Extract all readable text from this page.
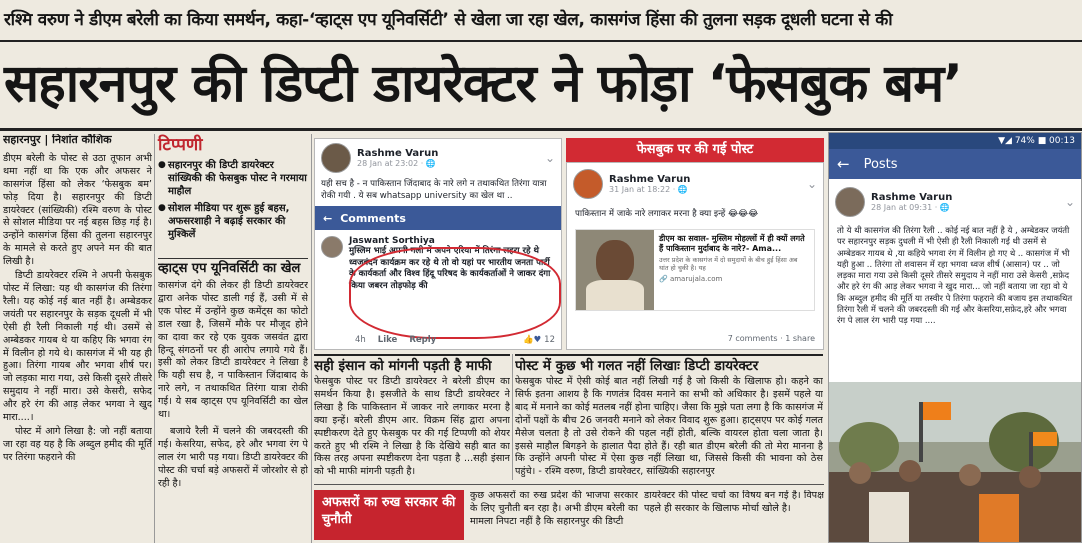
रश्मि वरुण ने डीएम बरेली का किया समर्थन, कहा-‘व्हाट्स एप यूनिवर्सिटी’ से खेला जा रहा खेल, कासगंज हिंसा की तुलना सड़क दूधली घटना से की
सहारनपुर की डिप्टी डायरेक्टर ने फोड़ा ‘फेसबुक बम’
सहारनपुर | निशांत कौशिक

डीएम बरेली के पोस्ट से उठा तूफान अभी थमा नहीं था कि एक और अफसर ने कासगंज हिंसा को लेकर ‘फेसबुक बम’ फोड़ दिया है। सहारनपुर की डिप्टी डायरेक्टर (सांख्यिकी) रश्मि वरुण के पोस्ट से सोशल मीडिया पर नई बहस छिड़ गई है। उन्होंने कासगंज हिंसा की तुलना सहारनपुर के मामले से करते हुए अपने मन की बात लिखी है।

डिप्टी डायरेक्टर रश्मि ने अपनी फेसबुक पोस्ट में लिखा: यह थी कासगंज की तिरंगा रैली। यह कोई नई बात नहीं है। अम्बेडकर जयंती पर सहारनपुर के सड़क दूधली में भी ऐसी ही रैली निकाली गई थी। उसमें से अम्बेडकर गायब थे या कहिए कि भगवा रंग में विलीन हो गये थे। कासगंज में भी यह ही हुआ। तिरंगा गायब और भगवा शीर्ष पर। जो लड़का मारा गया, उसे किसी दूसरे तीसरे समुदाय ने नहीं मारा। उसे केसरी, सफेद और हरे रंग की आड़ लेकर भगवा ने खुद मारा....।

पोस्ट में आगे लिखा है: जो नहीं बताया जा रहा वह यह है कि अब्दुल हमीद की मूर्ति पर तिरंगा फहराने की

टिप्पणी
● सहारनपुर की डिप्टी डायरेक्टर सांख्यिकी की फेसबुक पोस्ट ने गरमाया माहौल
● सोशल मीडिया पर शुरू हुई बहस, अफसरशाही ने बढ़ाई सरकार की मुश्किलें
व्हाट्स एप यूनिवर्सिटी का खेल

कासगंज दंगे की लेकर ही डिप्टी डायरेक्टर द्वारा अनेक पोस्ट डाली गई हैं, उसी में से एक पोस्ट में उन्होंने कुछ कमेंट्स का फोटो डाल रखा है, जिसमें मौके पर मौजूद होने का दावा कर रहे एक युवक जसवंत द्वारा हिन्दू संगठनों पर ही आरोप लगाये गये हैं। इसी को लेकर डिप्टी डायरेक्टर ने लिखा है कि यही सच है, न पाकिस्तान जिंदाबाद के नारे लगे, न तथाकथित तिरंगा यात्रा रोकी गई। ये सब व्हाट्स एप यूनिवर्सिटी का खेल था।

बजाये रैली में चलने की जबरदस्ती की गई। केसरिया, सफेद, हरे और भगवा रंग पे लाल रंग भारी पड़ गया। डिप्टी डायरेक्टर की पोस्ट की चर्चा बड़े अफसरों में जोरशोर से हो रही है।

Rashme Varun
28 Jan at 23:02 · 🌐	⌄
यही सच है - न पाकिस्तान जिंदाबाद के नारे लगे न तथाकथित तिरंगा यात्रा रोकी गयी . ये सब whatsapp university का खेल था ..
← Comments
Jaswant Sorthiya
मुस्लिम भाई अपनी गली में अपने एरिया में तिरंगा लहरा रहे थे ध्वजवंदन कार्यक्रम कर रहे थे तो वो यहां पर भारतीय जनता पार्टी के कार्यकर्ता और विश्व हिंदू परिषद के कार्यकर्ताओं ने जाकर दंगा किया जबरन तोड़फोड़ की
4h Like Reply	👍♥ 12
सही इंसान को मांगनी पड़ती है माफी

फेसबुक पोस्ट पर डिप्टी डायरेक्टर ने बरेली डीएम का समर्थन किया है। इसजीते के साथ डिप्टी डायरेक्टर ने लिखा है कि पाकिस्तान में जाकर नारे लगाकर मरना है क्या इन्हें। बरेली डीएम आर. विक्रम सिंह द्वारा अपना स्पष्टीकरण देते हुए फेसबुक पर की गई टिप्पणी को शेयर करते हुए भी रश्मि ने लिखा है कि देखिये सही बात का किस तरह अपना स्पष्टीकरण देना पड़ता है ...सही इंसान को भी माफी मांगनी पड़ती है।

फेसबुक पर की गई पोस्ट
Rashme Varun
31 Jan at 18:22 · 🌐	⌄
पाकिस्तान में जाके नारे लगाकर मरना है क्या इन्हें 😂😂😂
डीएम का सवाल- मुस्लिम मोहल्लों में ही क्यों लगते हैं पाकिस्तान मुर्दाबाद के नारे?- Ama...
उत्तर प्रदेश के कासगंज में दो समुदायों के बीच हुई हिंसा अब थांत हो चुकी है। यह
🔗 amarujala.com
7 comments · 1 share
पोस्ट में कुछ भी गलत नहीं लिखाः डिप्टी डायरेक्टर

फेसबुक पोस्ट में ऐसी कोई बात नहीं लिखी गई है जो किसी के खिलाफ हो। कहने का सिर्फ इतना आशय है कि गणतंत्र दिवस मनाने का सभी को अधिकार है। इसमें पहले या बाद में मनाने का कोई मतलब नहीं होना चाहिए। जैसा कि मुझे पता लगा है कि कासगंज में दोनों पक्षों के बीच 26 जनवरी मनाने को लेकर विवाद शुरू हुआ। हाट्सएप पर कोई गलत मैसेज चलता है तो उसे रोकने की पहल नहीं होती, बल्कि वायरल होता चला जाता है। इससे माहौल बिगड़ने के हालात पैदा होते हैं। रही बात डीएम बरेली की तो मेरा मानना है कि उन्होंने अपनी पोस्ट में ऐसा कुछ नहीं लिखा था, जिससे किसी की भावना को ठेस पहुंचे। - रश्मि वरुण, डिप्टी डायरेक्टर, सांख्यिकी सहारनपुर

अफसरों का रुख सरकार की चुनौती
कुछ अफसरों का रुख प्रदेश की भाजपा सरकार के लिए चुनौती बन रहा है। अभी डीएम बरेली का मामला निपटा नहीं है कि सहारनपुर की डिप्टी
डायरेक्टर की पोस्ट चर्चा का विषय बन गई है। विपक्ष पहले ही सरकार के खिलाफ मोर्चा खोले है।
▼◢ 74% ■ 00:13
← Posts
Rashme Varun
28 Jan at 09:31 · 🌐	⌄
तो ये थी कासगंज की तिरंगा रैली .. कोई नई बात नहीं है ये , अम्बेडकर जयंती पर सहारनपुर सड़क दुधली में भी ऐसी ही रैली निकाली गई थी उसमें से अम्बेडकर गायब थे ,या कहिये भगवा रंग में विलीन हो गए थे .. कासगंज में भी यही हुआ .. तिरंगा तो शवासन में रहा भगवा ध्वज शीर्ष (आसान) पर .. जो लड़का मारा गया उसे किसी दूसरे तीसरे समुदाय ने नहीं मारा उसे केसरी ,सफ़ेद और हरे रंग की आड़ लेकर भगवा ने खुद मारा... जो नहीं बताया जा रहा वो ये कि अब्दुल हमीद की मूर्ति या तस्वीर पे तिरंगा फहराने की बजाय इस तथाकथित तिरंगा रैली में चलने की जबरदस्ती की गई और केसरिया,सफ़ेद,हरे और भगवा रंग पे लाल रंग भारी पड़ गया ....
